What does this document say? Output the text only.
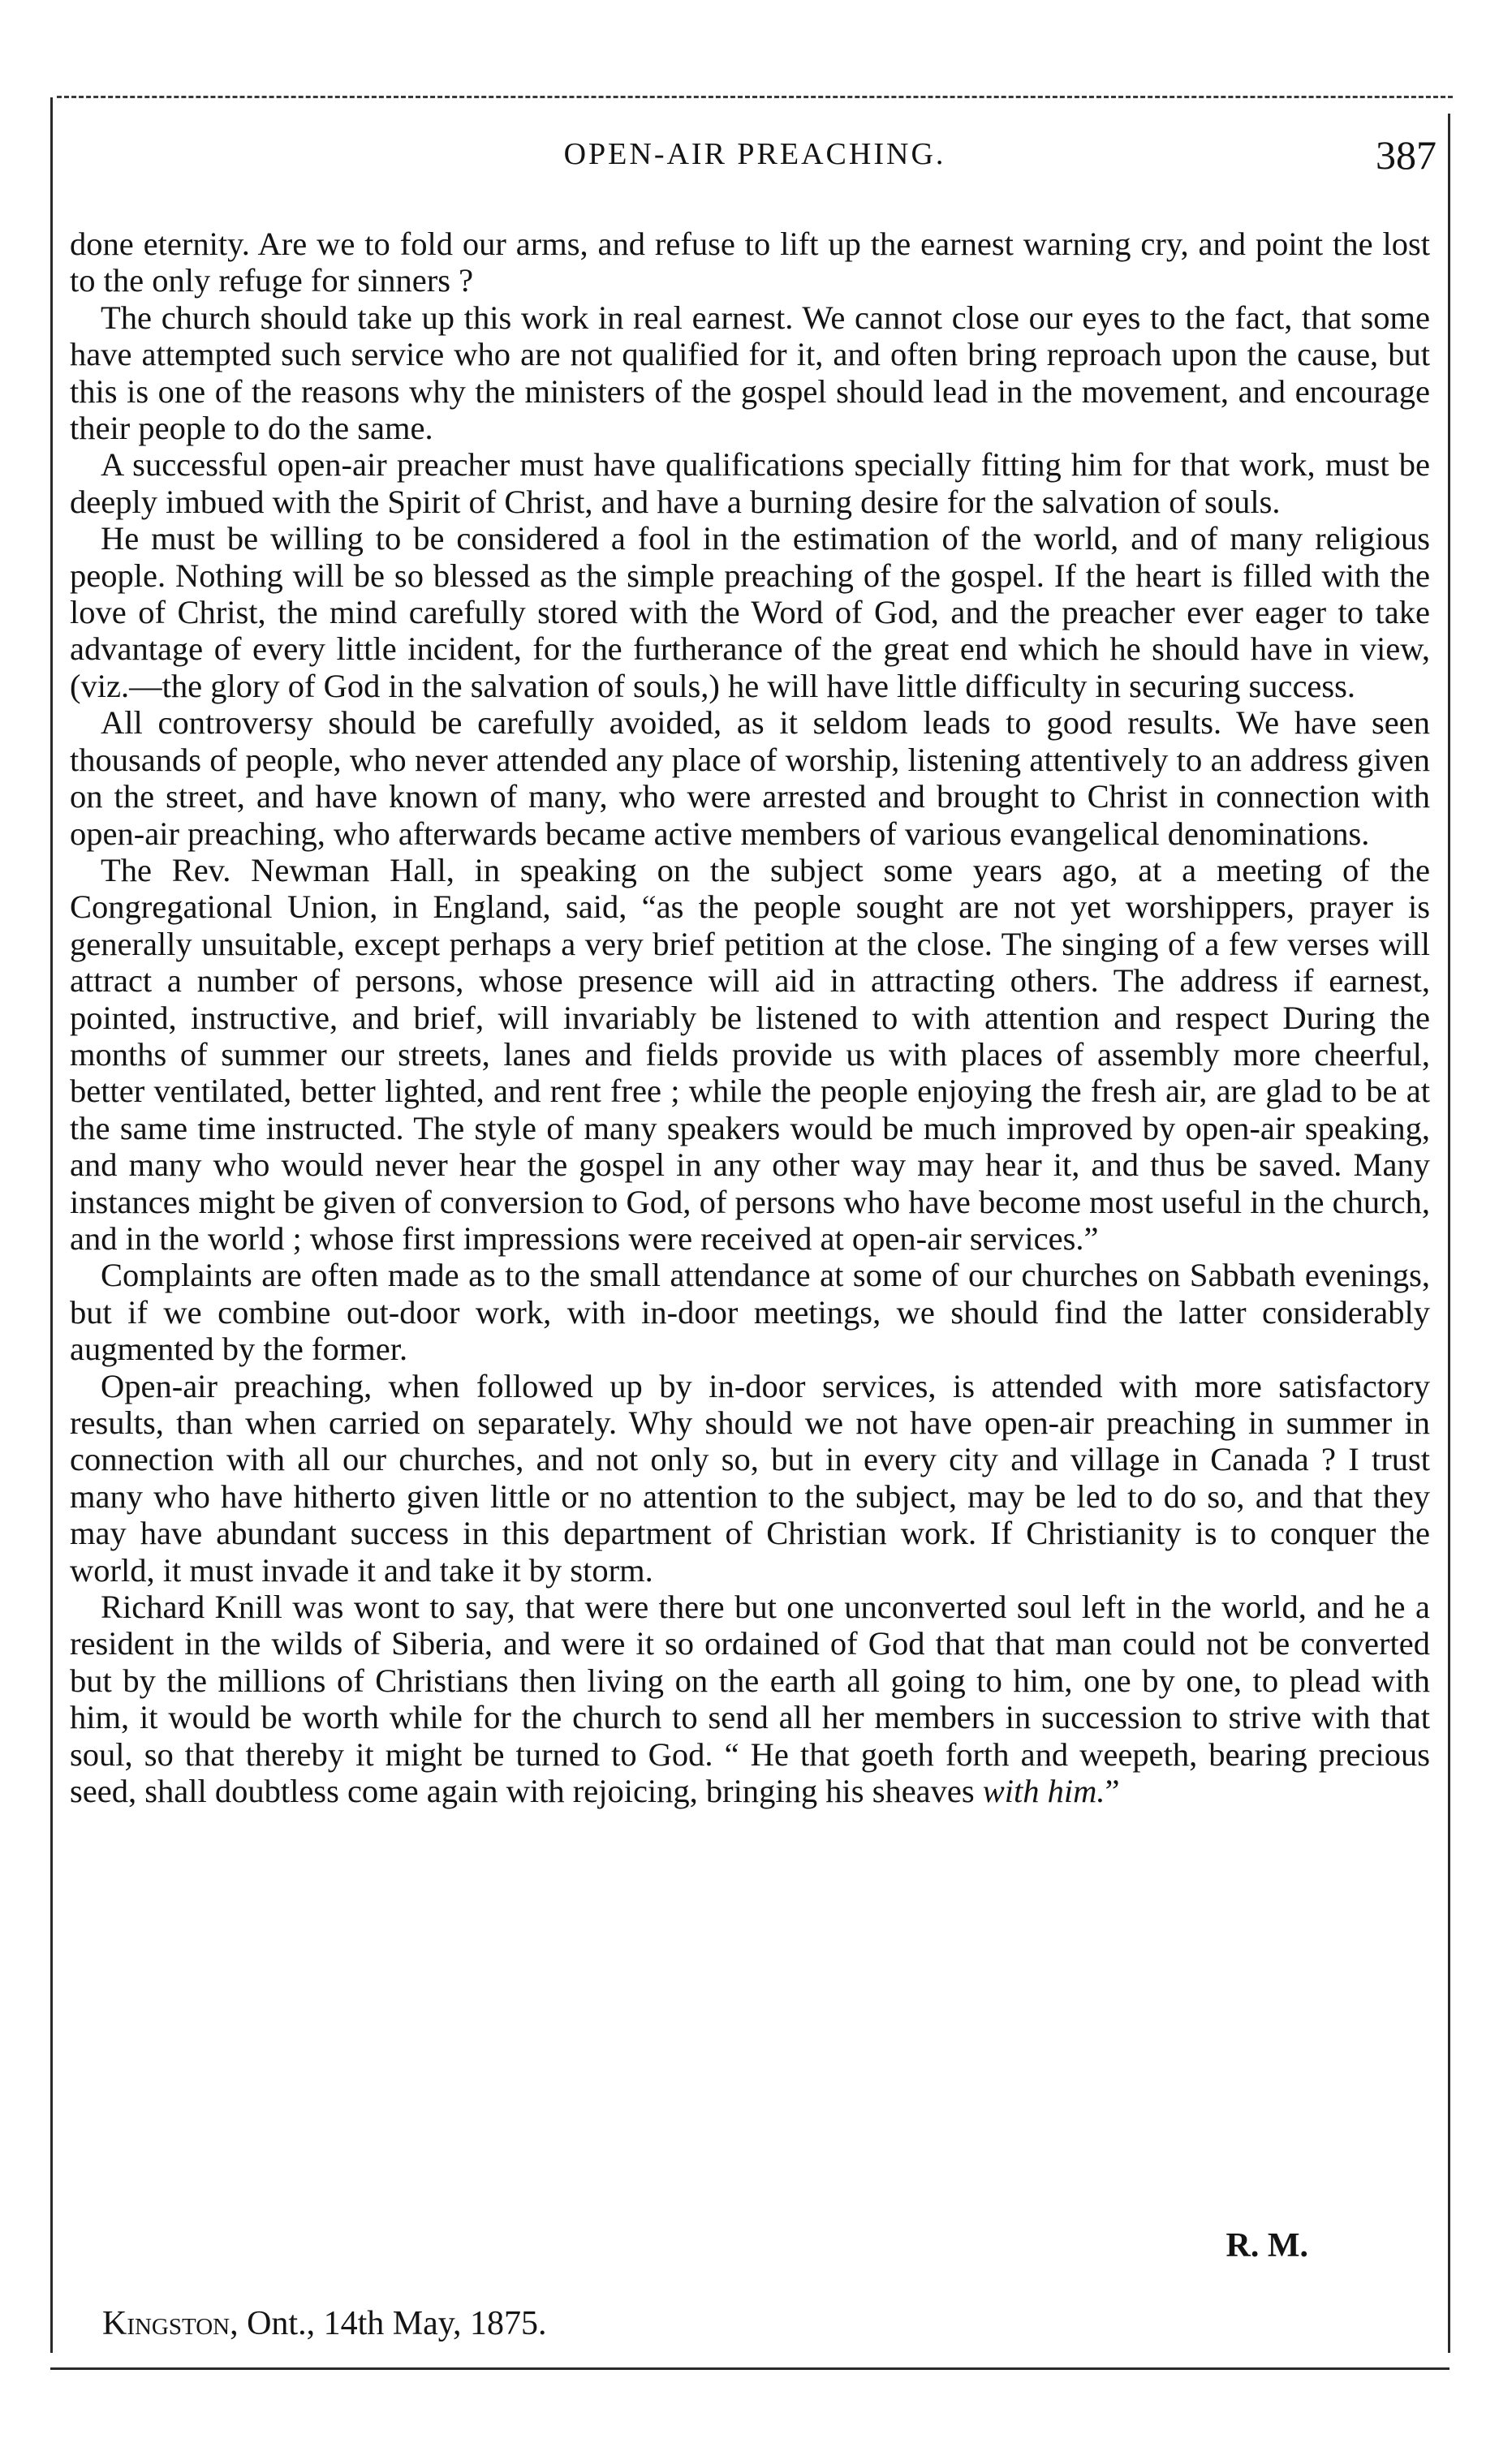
OPEN-AIR PREACHING.	387

done eternity. Are we to fold our arms, and refuse to lift up the earnest warning cry, and point the lost to the only refuge for sinners ?

The church should take up this work in real earnest. We cannot close our eyes to the fact, that some have attempted such service who are not qualified for it, and often bring reproach upon the cause, but this is one of the reasons why the ministers of the gospel should lead in the movement, and encourage their people to do the same.

A successful open-air preacher must have qualifications specially fitting him for that work, must be deeply imbued with the Spirit of Christ, and have a burning desire for the salvation of souls.

He must be willing to be considered a fool in the estimation of the world, and of many religious people. Nothing will be so blessed as the simple preaching of the gospel. If the heart is filled with the love of Christ, the mind carefully stored with the Word of God, and the preacher ever eager to take advantage of every little incident, for the furtherance of the great end which he should have in view, (viz.—the glory of God in the salvation of souls,) he will have little difficulty in securing success.

All controversy should be carefully avoided, as it seldom leads to good results. We have seen thousands of people, who never attended any place of worship, listening attentively to an address given on the street, and have known of many, who were arrested and brought to Christ in connection with open-air preaching, who afterwards became active members of various evangelical denominations.

The Rev. Newman Hall, in speaking on the subject some years ago, at a meeting of the Congregational Union, in England, said, “as the people sought are not yet worshippers, prayer is generally unsuitable, except perhaps a very brief petition at the close. The singing of a few verses will attract a number of persons, whose presence will aid in attracting others. The address if earnest, pointed, instructive, and brief, will invariably be listened to with attention and respect During the months of summer our streets, lanes and fields provide us with places of assembly more cheerful, better ventilated, better lighted, and rent free ; while the people enjoying the fresh air, are glad to be at the same time instructed. The style of many speakers would be much improved by open-air speaking, and many who would never hear the gospel in any other way may hear it, and thus be saved. Many instances might be given of conversion to God, of persons who have become most useful in the church, and in the world ; whose first impressions were received at open-air services.”

Complaints are often made as to the small attendance at some of our churches on Sabbath evenings, but if we combine out-door work, with in-door meetings, we should find the latter considerably augmented by the former.

Open-air preaching, when followed up by in-door services, is attended with more satisfactory results, than when carried on separately. Why should we not have open-air preaching in summer in connection with all our churches, and not only so, but in every city and village in Canada ? I trust many who have hitherto given little or no attention to the subject, may be led to do so, and that they may have abundant success in this department of Christian work. If Christianity is to conquer the world, it must invade it and take it by storm.

Richard Knill was wont to say, that were there but one unconverted soul left in the world, and he a resident in the wilds of Siberia, and were it so ordained of God that that man could not be converted but by the millions of Christians then living on the earth all going to him, one by one, to plead with him, it would be worth while for the church to send all her members in succession to strive with that soul, so that thereby it might be turned to God. “ He that goeth forth and weepeth, bearing precious seed, shall doubtless come again with rejoicing, bringing his sheaves with him.”

R. M.
Kingston, Ont., 14th May, 1875.
